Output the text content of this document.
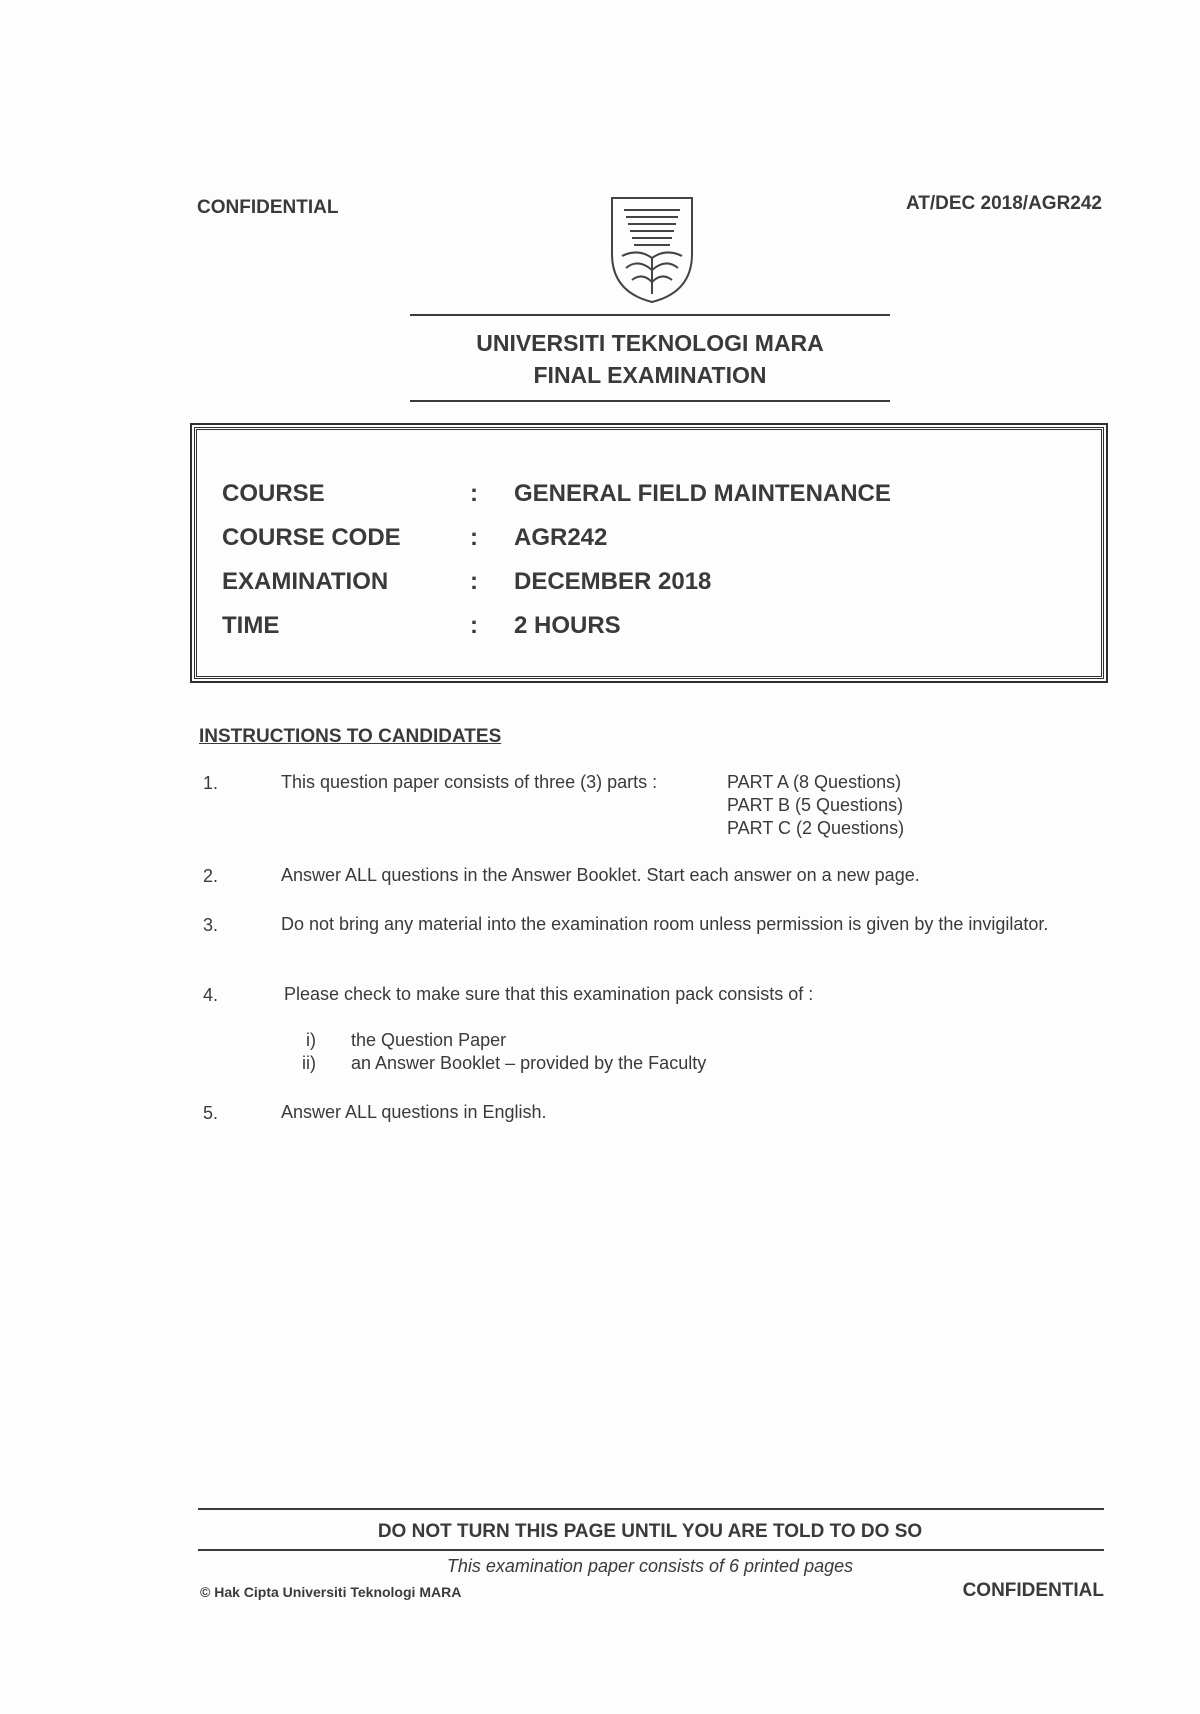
CONFIDENTIAL	AT/DEC 2018/AGR242
UNIVERSITI TEKNOLOGI MARA
FINAL EXAMINATION
COURSE	: GENERAL FIELD MAINTENANCE
COURSE CODE	: AGR242
EXAMINATION	: DECEMBER 2018
TIME	: 2 HOURS
INSTRUCTIONS TO CANDIDATES
1.	This question paper consists of three (3) parts :	PART A (8 Questions)
PART B (5 Questions)
PART C (2 Questions)
2.	Answer ALL questions in the Answer Booklet. Start each answer on a new page.
3.	Do not bring any material into the examination room unless permission is given by the invigilator.
4.	Please check to make sure that this examination pack consists of :
i) the Question Paper
ii) an Answer Booklet – provided by the Faculty
5.	Answer ALL questions in English.
DO NOT TURN THIS PAGE UNTIL YOU ARE TOLD TO DO SO
This examination paper consists of 6 printed pages
© Hak Cipta Universiti Teknologi MARA	CONFIDENTIAL
